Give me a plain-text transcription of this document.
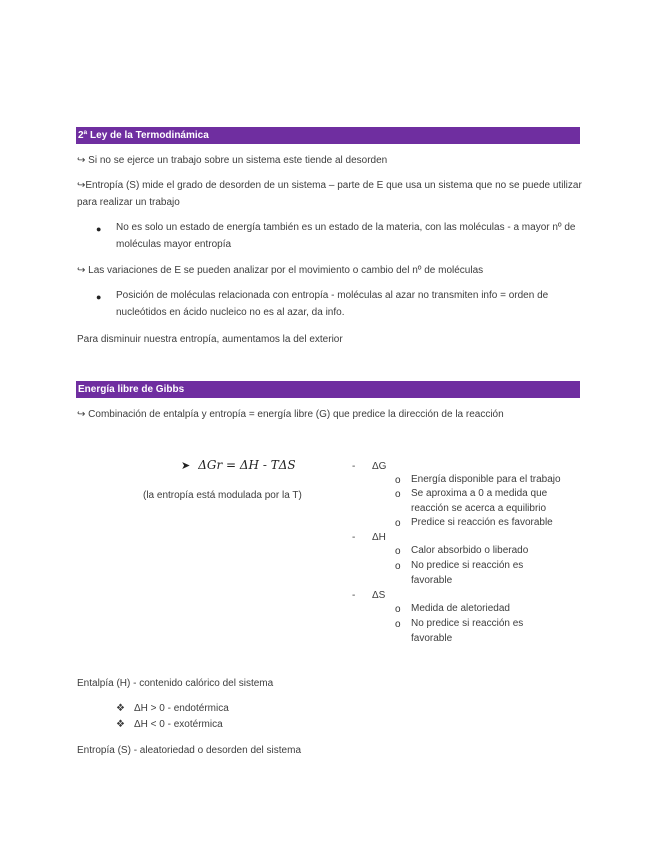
2ª Ley de la Termodinámica
↪ Si no se ejerce un trabajo sobre un sistema este tiende al desorden
↪Entropía (S) mide el grado de desorden de un sistema – parte de E que usa un sistema que no se puede utilizar para realizar un trabajo
● No es solo un estado de energía también es un estado de la materia, con las moléculas - a mayor nº de moléculas mayor entropía
↪ Las variaciones de E se pueden analizar por el movimiento o cambio del nº de moléculas
● Posición de moléculas relacionada con entropía - moléculas al azar no transmiten info = orden de nucleótidos en ácido nucleico no es al azar, da info.
Para disminuir nuestra entropía, aumentamos la del exterior
Energía libre de Gibbs
↪ Combinación de entalpía y entropía = energía libre (G) que predice la dirección de la reacción
➤ ΔGr = ΔH - TΔS
(la entropía está modulada por la T)
- ΔG
o Energía disponible para el trabajo
o Se aproxima a 0 a medida que reacción se acerca a equilibrio
o Predice si reacción es favorable
- ΔH
o Calor absorbido o liberado
o No predice si reacción es favorable
- ΔS
o Medida de aletoriedad
o No predice si reacción es favorable
Entalpía (H) - contenido calórico del sistema
❖ ΔH > 0 - endotérmica
❖ ΔH < 0 - exotérmica
Entropía (S) - aleatoriedad o desorden del sistema
